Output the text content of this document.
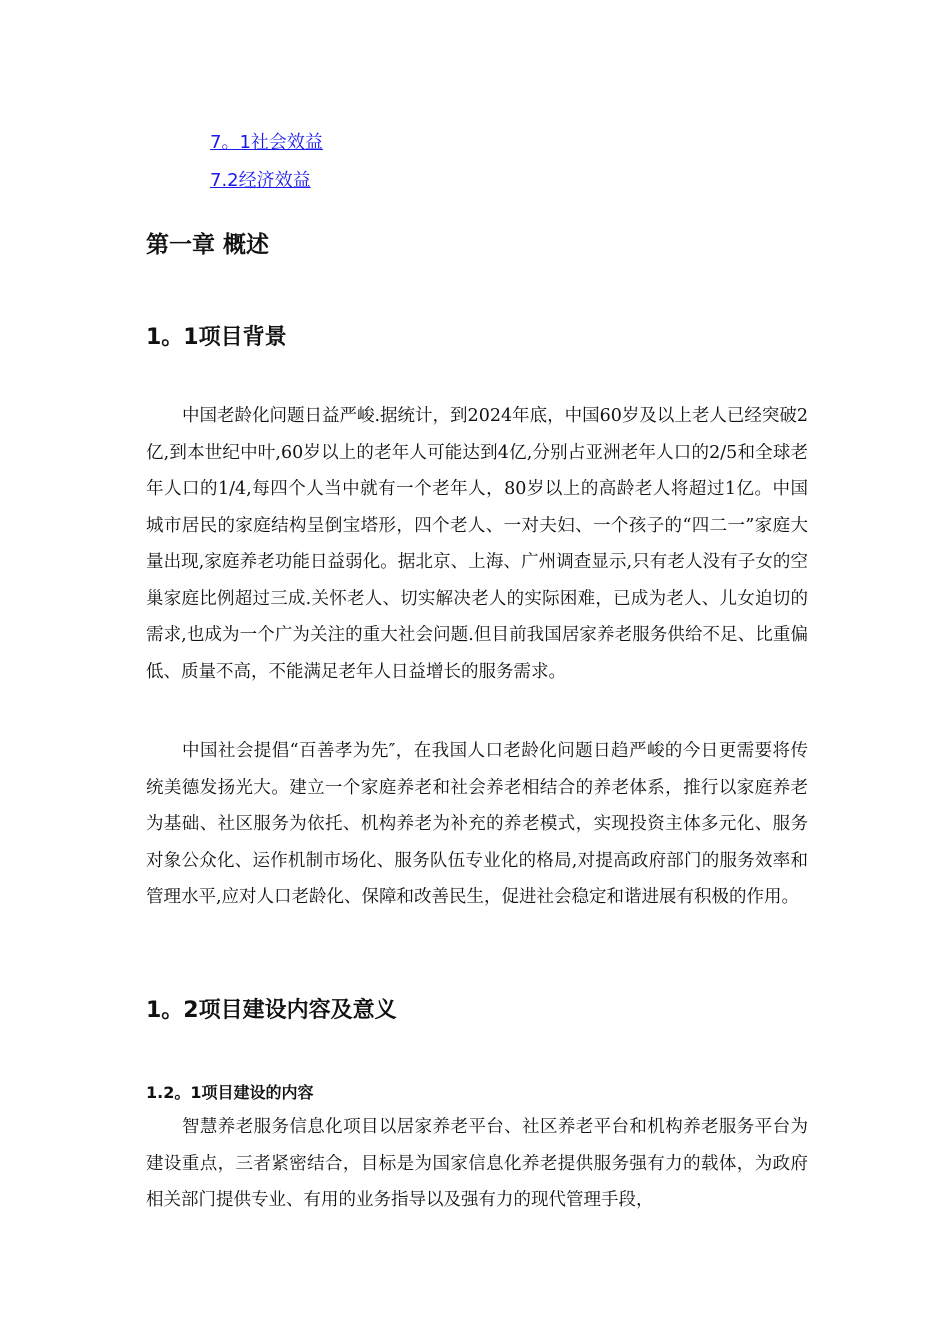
7。1社会效益
7.2经济效益
第一章 概述
1。1项目背景

中国老龄化问题日益严峻.据统计，到2024年底，中国60岁及以上老人已经突破2亿,到本世纪中叶,60岁以上的老年人可能达到4亿,分别占亚洲老年人口的2/5和全球老年人口的1/4,每四个人当中就有一个老年人，80岁以上的高龄老人将超过1亿。中国城市居民的家庭结构呈倒宝塔形，四个老人、一对夫妇、一个孩子的“四二一”家庭大量出现,家庭养老功能日益弱化。据北京、上海、广州调查显示,只有老人没有子女的空巢家庭比例超过三成.关怀老人、切实解决老人的实际困难，已成为老人、儿女迫切的需求,也成为一个广为关注的重大社会问题.但目前我国居家养老服务供给不足、比重偏低、质量不高，不能满足老年人日益增长的服务需求。

中国社会提倡“百善孝为先″，在我国人口老龄化问题日趋严峻的今日更需要将传统美德发扬光大。建立一个家庭养老和社会养老相结合的养老体系，推行以家庭养老为基础、社区服务为依托、机构养老为补充的养老模式，实现投资主体多元化、服务对象公众化、运作机制市场化、服务队伍专业化的格局,对提高政府部门的服务效率和管理水平,应对人口老龄化、保障和改善民生，促进社会稳定和谐进展有积极的作用。

1。2项目建设内容及意义
1.2。1项目建设的内容

智慧养老服务信息化项目以居家养老平台、社区养老平台和机构养老服务平台为建设重点，三者紧密结合，目标是为国家信息化养老提供服务强有力的载体，为政府相关部门提供专业、有用的业务指导以及强有力的现代管理手段，
